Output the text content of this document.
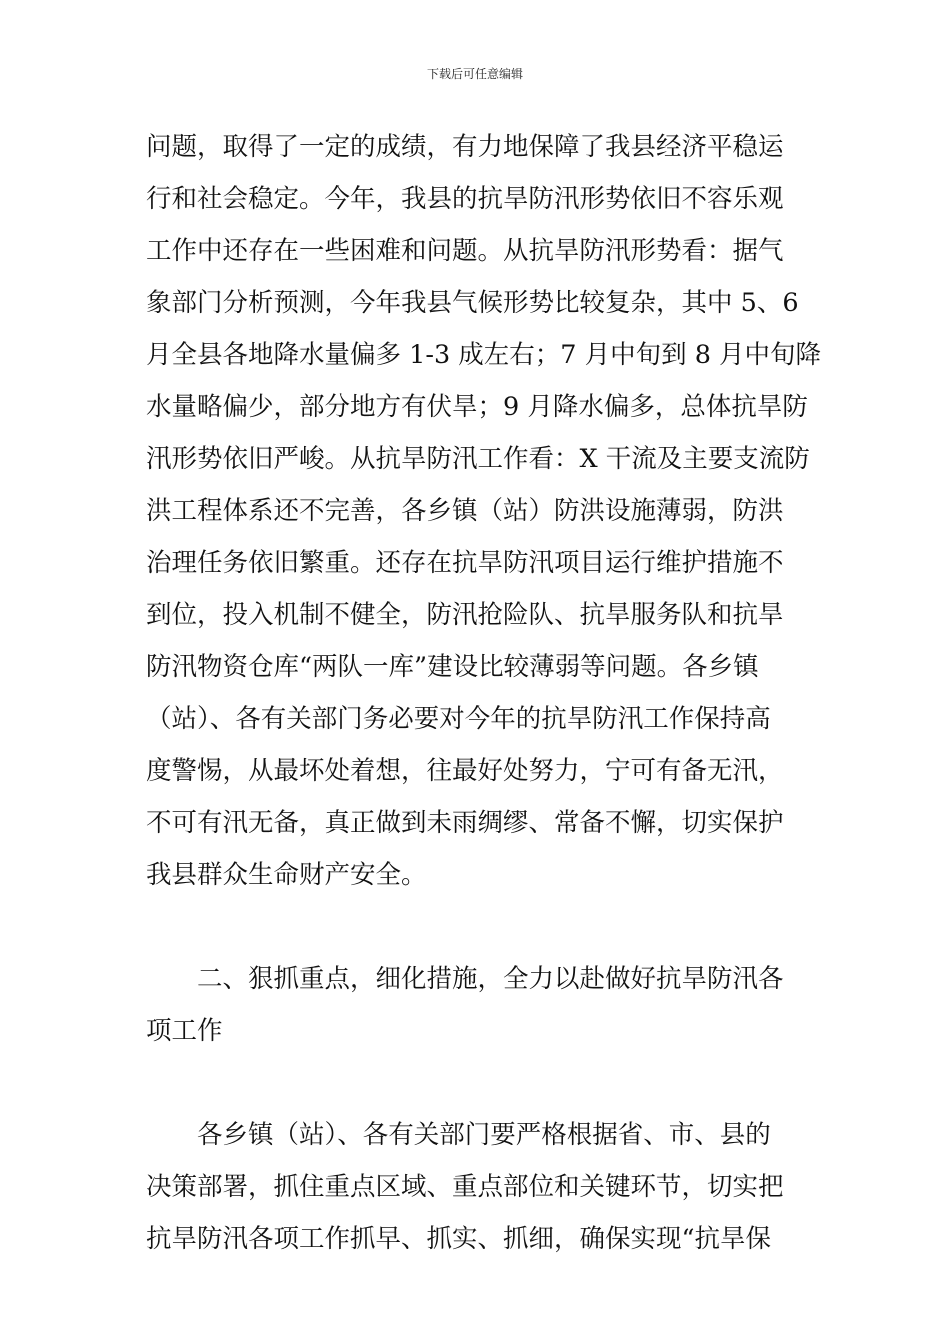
下载后可任意编辑

问题，取得了一定的成绩，有力地保障了我县经济平稳运

行和社会稳定。今年，我县的抗旱防汛形势依旧不容乐观

工作中还存在一些困难和问题。从抗旱防汛形势看：据气

象部门分析预测，今年我县气候形势比较复杂，其中 5、6

月全县各地降水量偏多 1-3 成左右；7 月中旬到 8 月中旬降

水量略偏少，部分地方有伏旱；9 月降水偏多，总体抗旱防

汛形势依旧严峻。从抗旱防汛工作看：X 干流及主要支流防

洪工程体系还不完善，各乡镇（站）防洪设施薄弱，防洪

治理任务依旧繁重。还存在抗旱防汛项目运行维护措施不

到位，投入机制不健全，防汛抢险队、抗旱服务队和抗旱

防汛物资仓库“两队一库”建设比较薄弱等问题。各乡镇

（站）、各有关部门务必要对今年的抗旱防汛工作保持高

度警惕，从最坏处着想，往最好处努力，宁可有备无汛，

不可有汛无备，真正做到未雨绸缪、常备不懈，切实保护

我县群众生命财产安全。

二、狠抓重点，细化措施，全力以赴做好抗旱防汛各

项工作

各乡镇（站）、各有关部门要严格根据省、市、县的

决策部署，抓住重点区域、重点部位和关键环节，切实把

抗旱防汛各项工作抓早、抓实、抓细，确保实现“抗旱保
